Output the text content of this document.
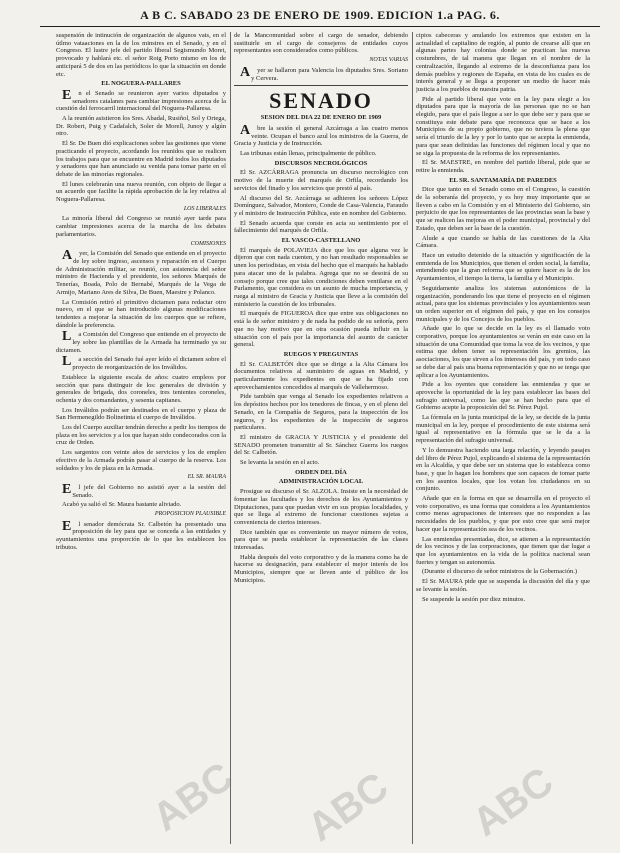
A B C. SABADO 23 DE ENERO DE 1909. EDICION 1.a PAG. 6.

suspensión de intinución de organización de algunos vats, en el útlmo vataaciones en la de los minstres en el Senado, y en el Congreso. El lustre jefe del partido liberal Segismundo Moret, provocado y hablará etc. el señor Roig Porto mismo en los de anticipará 5 de dos en las periódicos lo que la situación en donde etc.

EL NOGUERA-PALLARES

En el Senado se reunieron ayer varios diputados y senadores catalanes para cambiar impresiones acerca de la cuestión del ferrocarril internacional del Noguera-Pallaresa.

A la reunión asistieron los Sres. Abadal, Rusiñol, Sol y Ortega, Dr. Robert, Puig y Cadafalch, Soler de Morell, Junoy y algún otro.

El Sr. De Buen dió explicaciones sobre las gestiones que viene practicando el proyecto, acordando los reunidos que se realicen los trabajos para que se encuentre en Madrid todos los diputados y senadores que han anunciado su venida para tomar parte en el debate de las minorías regionales.

El lunes celebrarán una nueva reunión, con objeto de llegar a un acuerdo que facilite la rápida aprobación de la ley relativa al Noguera-Pallaresa.

LOS LIBERALES

La minoría liberal del Congreso se reunió ayer tarde para cambiar impresiones acerca de la marcha de los debates parlamentarios.

COMISIONES

Ayer, la Comisión del Senado que entiende en el proyecto de ley sobre ingreso, ascensos y reparación en el Cuerpo de Administración militar, se reunió, con asistencia del señor ministro de Hacienda y el presidente, los señores Marqués de Tenerías, Boada, Polo de Bernabé, Marqués de la Vega de Armijo, Mariano Ares de Silva, De Buen, Maestre y Polanco.

La Comisión retiró el primitivo dictamen para redactar otro nuevo, en el que se han introducido algunas modificaciones tendentes a mejorar la situación de los cuerpos que se refiere, dándole la preferencia.

La Comisión del Congreso que entiende en el proyecto de ley sobre las plantillas de la Armada ha terminado ya su dictamen.

La sección del Senado fué ayer leído el dictamen sobre el proyecto de reorganización de los Inválidos.

Establece la siguiente escala de años: cuatro empleos por sección que para distinguir de los: generales de división y generales de brigada, dos coroneles, tres tenientes coroneles, ochenta y dos comandantes, y sesenta capitanes.

Los Inválidos podrán ser destinados en el cuerpo y plaza de San Hermenegildo Bolinetinta el cuerpo de Inválidos.

Los del Cuerpo auxiliar tendrán derecho a pedir los tiempos de plaza en los servicios y a los que hayan sido condecorados con la cruz de Orden.

Los sargentos con veinte años de servicios y los de empleo efectivo de la Armada podrán pasar al cuerpo de la reserva. Los soldados y los de plaza en la Armada.

EL SR. MAURA

El jefe del Gobierno no asistió ayer a la sesión del Senado.

Acabó ya salió el Sr. Maura bastante aliviado.

PROPOSICION PLAUSIBLE

El senador demócrata Sr. Calbetón ha presentado una proposición de ley para que se conceda a las entidades y ayuntamientos una proporción de lo que les establecen los tributos.

de la Mancomunidad sobre el cargo de senador, debiendo sustituirle en el cargo de consejeros de entidades cuyos representantes son considerados como públicos.

NOTAS VARIAS

Ayer se hallaron para Valencia los diputados Sres. Soriano y Cervera.

SENADO

SESION DEL DIA 22 DE ENERO DE 1909

Abre la sesión el general Azcárraga a las cuatro menos veinte. Ocupan el banco azul los ministros de la Guerra, de Gracia y Justicia y de Instrucción.

Las tribunas están llenas, principalmente de público.

DISCURSOS NECROLÓGICOS

El Sr. AZCÁRRAGA pronuncia un discurso necrológico con motivo de la muerte del marqués de Orfila, recordando los servicios del finado y los servicios que prestó al país.

Al discurso del Sr. Azcárraga se adhieren los señores López Domínguez, Salvador, Montero, Conde de Casa-Valencia, Faraudo y el ministro de Instrucción Pública, este en nombre del Gobierno.

El Senado acuerda que conste en acta su sentimiento por el fallecimiento del marqués de Orfila.

EL VASCO-CASTELLANO

El marqués de POLAVIEJA dice que los que alguna vez le dijeron que con nada cuenten, y no han resultado responsables se unen los periodistas, en vista del hecho que el marqués ha hablado para atacar uno de la palabra. Agrega que no se desoirá de su consejo porque cree que tales condiciones deben ventilarse en el Parlamento, que considera es un asunto de mucha importancia, y ruega al ministro de Gracia y Justicia que lleve a la comisión del ministerio la cuestión de los tribunales.

El marqués de FIGUEROA dice que entre sus obligaciones no está la de señor ministro y de nada ha podido de su señoría, pero que no hay motivo que en otra ocasión pueda influir en la situación con el país por la importancia del asunto de carácter general.

RUEGOS Y PREGUNTAS

El Sr. CALBETÓN dice que se dirige a la Alta Cámara los documentos relativos al suministro de aguas en Madrid, y particularmente los expedientes en que se ha fijado con aprovechamientos concedidos al marqués de Vallehermoso.

Pide también que venga al Senado los expedientes relativos a los depósitos hechos por los tenedores de fincas, y en el pleno del Senado, en la Compañía de Seguros, para la inspección de los seguros, y los expedientes de la inspección de seguros particulares.

El ministro de GRACIA Y JUSTICIA y el presidente del SENADO prometen transmitir al Sr. Sánchez Guerra los ruegos del Sr. Calbetón.

Se levanta la sesión en el acto.

ORDEN DEL DÍA

ADMINISTRACIÓN LOCAL

Prosigue su discurso el Sr. ALZOLA. Insiste en la necesidad de fomentar las facultades y los derechos de los Ayuntamientos y Diputaciones, para que puedan vivir en sus propias localidades, y que se llega al extremo de funcionar cuestiones sujetas a conveniencia de ciertos intereses.

Dice también que es conveniente un mayor número de votos, para que se pueda establecer la representación de las clases interesadas.

Habla después del voto corporativo y de la manera como ha de hacerse su designación, para establecer el mejor interés de los Municipios, siempre que se lleven ante el público de los Municipios.

cipios cabeceras y anulando los extremos que existen en la actualidad el capitalino de región, al punto de crearse allí que en algunas partes hay colonias donde se practican las nuevas costumbres, de tal manera que llegan en el nombre de la centralización, llegando al extremo de la desconfianza para los demás pueblos y regiones de España, en vista de los cuales es de interés general y se llega a proponer un medio de hacer más justicia a los pueblos de nuestra patria.

Pide al partido liberal que vote en la ley para elegir a los diputados para que la mayoría de las personas que no se han elegido, para que el país llegue a ser lo que debe ser y para que se constituya este debate para que reconozca que se hace a los Municipios de su propio gobierno, que no tuviera la plena que sería el triunfo de la ley y por lo tanto que se acepta la enmienda, para que sean definidas las funciones del régimen local y que no se siga la propuesta de la reforma de los representantes.

El Sr. MAESTRE, en nombre del partido liberal, pide que se retire la enmienda.

EL SR. SANTAMARÍA DE PAREDES

Dice que tanto en el Senado como en el Congreso, la cuestión de la soberanía del proyecto, y es hoy muy importante que se lleven a cabo en la Comisión y en el Ministerio del Gobierno, sin perjuicio de que los representantes de las provincias sean la base y que se realicen las mejoras en el poder municipal, provincial y del Estado, que deben ser la base de la cuestión.

Alude a que cuando se habla de las cuestiones de la Alta Cámara.

Hace un estudio detenido de la situación y significación de la enmienda de los Municipios, que tienen el orden social, la familia, entendiendo que la gran reforma que se quiere hacer es la de los Ayuntamientos, el tiempo la tierra, la familia y el Municipio.

Seguidamente analiza los sistemas autonómicos de la organización, ponderando los que tiene el proyecto en el régimen actual, para que los sistemas provinciales y los ayuntamientos sean un orden superior en el régimen del país, y que en los consejos municipales y de los Concejos de los pueblos.

Añade que lo que se decide en la ley es el llamado voto corporativo, porque los ayuntamientos se verán en este caso en la situación de una Comunidad que toma la voz de los vecinos, y que estima que deben tener su representación los gremios, las asociaciones, los que sirven a los intereses del país, y en todo caso se debe dar al país una buena representación y que no se tenga que aplicar a los Ayuntamientos.

Pide a los oyentes que considere las enmiendas y que se aproveche la oportunidad de la ley para establecer las bases del sufragio universal, como las que se han hecho para que el Gobierno acepte la proposición del Sr. Pérez Pujol.

La fórmula en la junta municipal de la ley, se decide de la junta municipal en la ley, porque el procedimiento de este sistema será igual al representativo en la fórmula que se le da a la representación del sufragio universal.

Y lo demuestra haciendo una larga relación, y leyendo pasajes del libro de Pérez Pujol, explicando el sistema de la representación en la Alcaldía, y que debe ser un sistema que lo establezca como base, y que lo hagan los hombres que son capaces de tomar parte en los asuntos locales, que los votan los ciudadanos en su conjunto.

Añade que en la forma en que se desarrolla en el proyecto el voto corporativo, es una forma que considera a los Ayuntamientos como meras agrupaciones de intereses que no responden a las necesidades de los pueblos, y que por esto cree que será mejor hacer que la representación sea de los vecinos.

Las enmiendas presentadas, dice, se atienen a la representación de los vecinos y de las corporaciones, que tienen que dar lugar a que los ayuntamientos en la vida de la política nacional sean fuertes y tengan su autonomía.

(Durante el discurso de señor ministros de la Gobernación.)

El Sr. MAURA pide que se suspenda la discusión del día y que se levante la sesión.

Se suspende la sesión por diez minutos.

ABC ABC ABC
